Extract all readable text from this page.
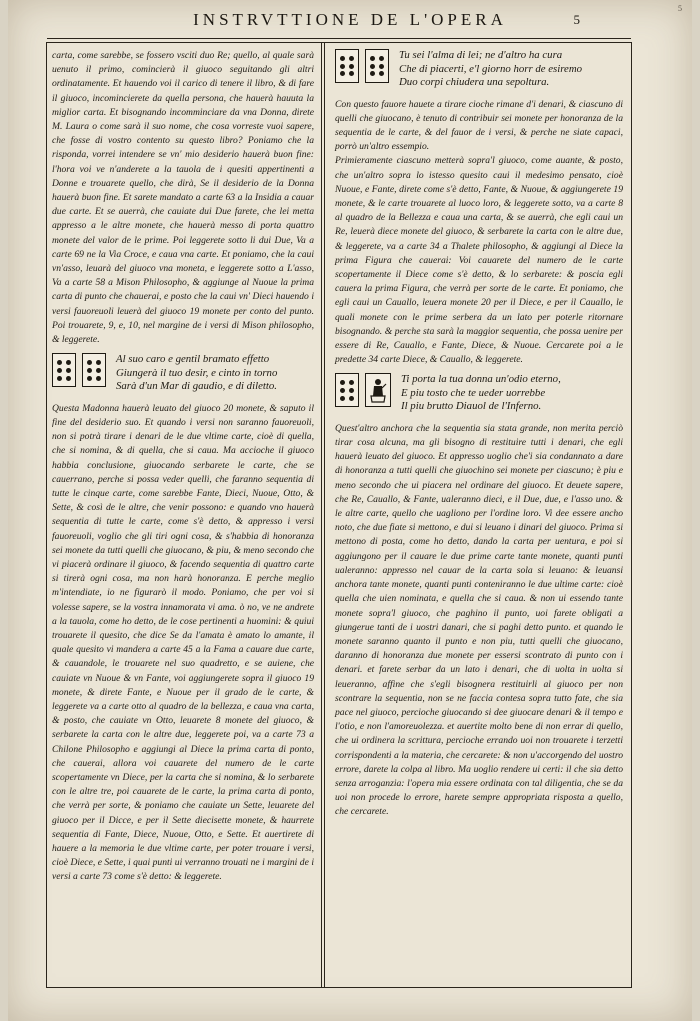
5
INSTRVTTIONE DE L'OPERA	5

carta, come sarebbe, se fossero vsciti duo Re; quello, al quale sarà uenuto il primo, comincierà il giuoco seguitando gli altri ordinatamente. Et hauendo voi il carico di tenere il libro, & di fare il giuoco, incomincierete da quella persona, che hauerà hauuta la miglior carta. Et bisognando incomminciare da vna Donna, direte M. Laura o come sarà il suo nome, che cosa vorreste vuoi sapere, che fosse di vostro contento su questo libro? Poniamo che la risponda, vorrei intendere se vn' mio desiderio hauerà buon fine: l'hora voi ve n'anderete a la tauola de i quesiti appertinenti a Donne e trouarete quello, che dirà, Se il desiderio de la Donna hauerà buon fine. Et sarete mandato a carte 63 a la Insidia a cauar due carte. Et se auerrà, che cauiate dui Due farete, che lei metta appresso a le altre monete, che hauerà messo di porta quattro monete del valor de le prime. Poi leggerete sotto li dui Due, Va a carte 69 ne la Via Croce, e caua vna carte. Et poniamo, che la caui vn'asso, leuarà del giuoco vna moneta, e leggerete sotto a L'asso, Va a carte 58 a Mison Philosopho, & aggiunge al Nuoue la prima carta di punto che chauerai, e posto che la caui vn' Dieci hauendo i versi fauoreuoli leuerà del giuoco 19 monete per conto del punto. Poi trouarete, 9, e, 10, nel margine de i versi di Mison philosopho, & leggerete.

Al suo caro e gentil bramato effetto
Giungerà il tuo desir, e cinto in torno
Sarà d'un Mar di gaudio, e di diletto.

Questa Madonna hauerà leuato del giuoco 20 monete, & saputo il fine del desiderio suo. Et quando i versi non saranno fauoreuoli, non si potrà tirare i denari de le due vltime carte, cioè di quella, che si nomina, & di quella, che si caua. Ma accioche il giuoco habbia conclusione, giuocando serbarete le carte, che se cauerrano, perche si possa veder quelli, che faranno sequentia di tutte le cinque carte, come sarebbe Fante, Dieci, Nuoue, Otto, & Sette, & così de le altre, che venir possono: e quando vno hauerà sequentia di tutte le carte, come s'è detto, & appresso i versi fauoreuoli, voglio che gli tiri ogni cosa, & s'habbia di honoranza sei monete da tutti quelli che giuocano, & piu, & meno secondo che vi piacerà ordinare il giuoco, & facendo sequentia di quattro carte si tirerà ogni cosa, ma non harà honoranza. E perche meglio m'intendiate, io ne figurarò il modo. Poniamo, che per voi si volesse sapere, se la vostra innamorata vi ama. ò no, ve ne andrete a la tauola, come ho detto, de le cose pertinenti a huomini: & quiui trouarete il quesito, che dice Se da l'amata è amato lo amante, il quale quesito vi mandera a carte 45 a la Fama a cauare due carte, & cauandole, le trouarete nel suo quadretto, e se auiene, che cauiate vn Nuoue & vn Fante, voi aggiungerete sopra il giuoco 19 monete, & direte Fante, e Nuoue per il grado de le carte, & leggerete va a carte otto al quadro de la bellezza, e caua vna carta, & posto, che cauiate vn Otto, leuarete 8 monete del giuoco, & serbarete la carta con le altre due, leggerete poi, va a carte 73 a Chilone Philosopho e aggiungi al Diece la prima carta di ponto, che cauerai, allora voi cauarete del numero de le carte scopertamente vn Diece, per la carta che si nomina, & lo serbarete con le altre tre, poi cauarete de le carte, la prima carta di ponto, che verrà per sorte, & poniamo che cauiate un Sette, leuarete del giuoco per il Dicce, e per il Sette diecisette monete, & haurrete sequentia di Fante, Diece, Nuoue, Otto, e Sette. Et auertirete di hauere a la memoria le due vltime carte, per poter trouare i versi, cioè Diece, e Sette, i quai punti ui verranno trouati ne i margini de i versi a carte 73 come s'è detto: & leggerete.

Tu sei l'alma di lei; ne d'altro ha cura
Che di piacerti, e'l giorno horr de esiremo
Duo corpi chiudera una sepoltura.

Con questo fauore hauete a tirare cioche rimane d'i denari, & ciascuno di quelli che giuocano, è tenuto di contribuir sei monete per honoranza de la sequentia de le carte, & del fauor de i versi, & perche ne siate capaci, porrò un'altro essempio.

Primieramente ciascuno metterà sopra'l giuoco, come auante, & posto, che un'altro sopra lo istesso quesito caui il medesimo pensato, cioè Nuoue, e Fante, direte come s'è detto, Fante, & Nuoue, & aggiungerete 19 monete, & le carte trouarete al luoco loro, & leggerete sotto, va a carte 8 al quadro de la Bellezza e caua una carta, & se auerrà, che egli caui un Re, leuerà diece monete del giuoco, & serbarete la carta con le altre due, & leggerete, va a carte 34 a Thalete philosopho, & aggiungi al Diece la prima Figura che cauerai: Voi cauarete del numero de le carte scopertamente il Diece come s'è detto, & lo serbarete: & poscia egli cauera la prima Figura, che verrà per sorte de le carte. Et poniamo, che egli caui un Cauallo, leuera monete 20 per il Diece, e per il Cauallo, le quali monete con le prime serbera da un lato per poterle ritornare bisognando. & perche sta sarà la maggior sequentia, che possa uenire per essere di Re, Cauallo, e Fante, Diece, & Nuoue. Cercarete poi a le predette 34 carte Diece, & Cauallo, & leggerete.

Ti porta la tua donna un'odio eterno,
E piu tosto che te ueder uorrebbe
Il piu brutto Diauol de l'Inferno.

Quest'altro anchora che la sequentia sia stata grande, non merita perciò tirar cosa alcuna, ma gli bisogno di restituire tutti i denari, che egli hauerà leuato del giuoco. Et appresso uoglio che'i sia condannato a dare di honoranza a tutti quelli che giuochino sei monete per ciascuno; è piu e meno secondo che ui piacera nel ordinare del giuoco. Et deuete sapere, che Re, Cauallo, & Fante, ualeranno dieci, e il Due, due, e l'asso uno. & le altre carte, quello che uagliono per l'ordine loro. Vi dee essere ancho noto, che due fiate si mettono, e dui si leuano i dinari del giuoco. Prima si mettono di posta, come ho detto, dando la carta per uentura, e poi si aggiungono per il cauare le due prime carte tante monete, quanti punti ualeranno: appresso nel cauar de la carta sola si leuano: & leuansi anchora tante monete, quanti punti conteniranno le due ultime carte: cioè quella che uien nominata, e quella che si caua. & non ui essendo tante monete sopra'l giuoco, che paghino il punto, uoi farete obligati a giungerue tanti de i uostri danari, che si paghi detto punto. et quando le monete saranno quanto il punto e non piu, tutti quelli che giuocano, daranno di honoranza due monete per essersi scontrato di punto con i denari. et farete serbar da un lato i denari, che di uolta in uolta si leueranno, affine che s'egli bisognera restituirli al giuoco per non scontrare la sequentia, non se ne faccia contesa sopra tutto fate, che sia pace nel giuoco, percioche giuocando si dee giuocare denari & il tempo e l'otio, e non l'amoreuolezza. et auertite molto bene di non errar di quello, che ui ordinera la scrittura, percioche errando uoi non trouarete i terzetti corrispondenti a la materia, che cercarete: & non u'accorgendo del uostro errore, darete la colpa al libro. Ma uoglio rendere ui certi: il che sia detto senza arroganzia: l'opera mia essere ordinata con tal diligentia, che se da uoi non procede lo errore, harete sempre appropriata risposta a quello, che cercarete.
